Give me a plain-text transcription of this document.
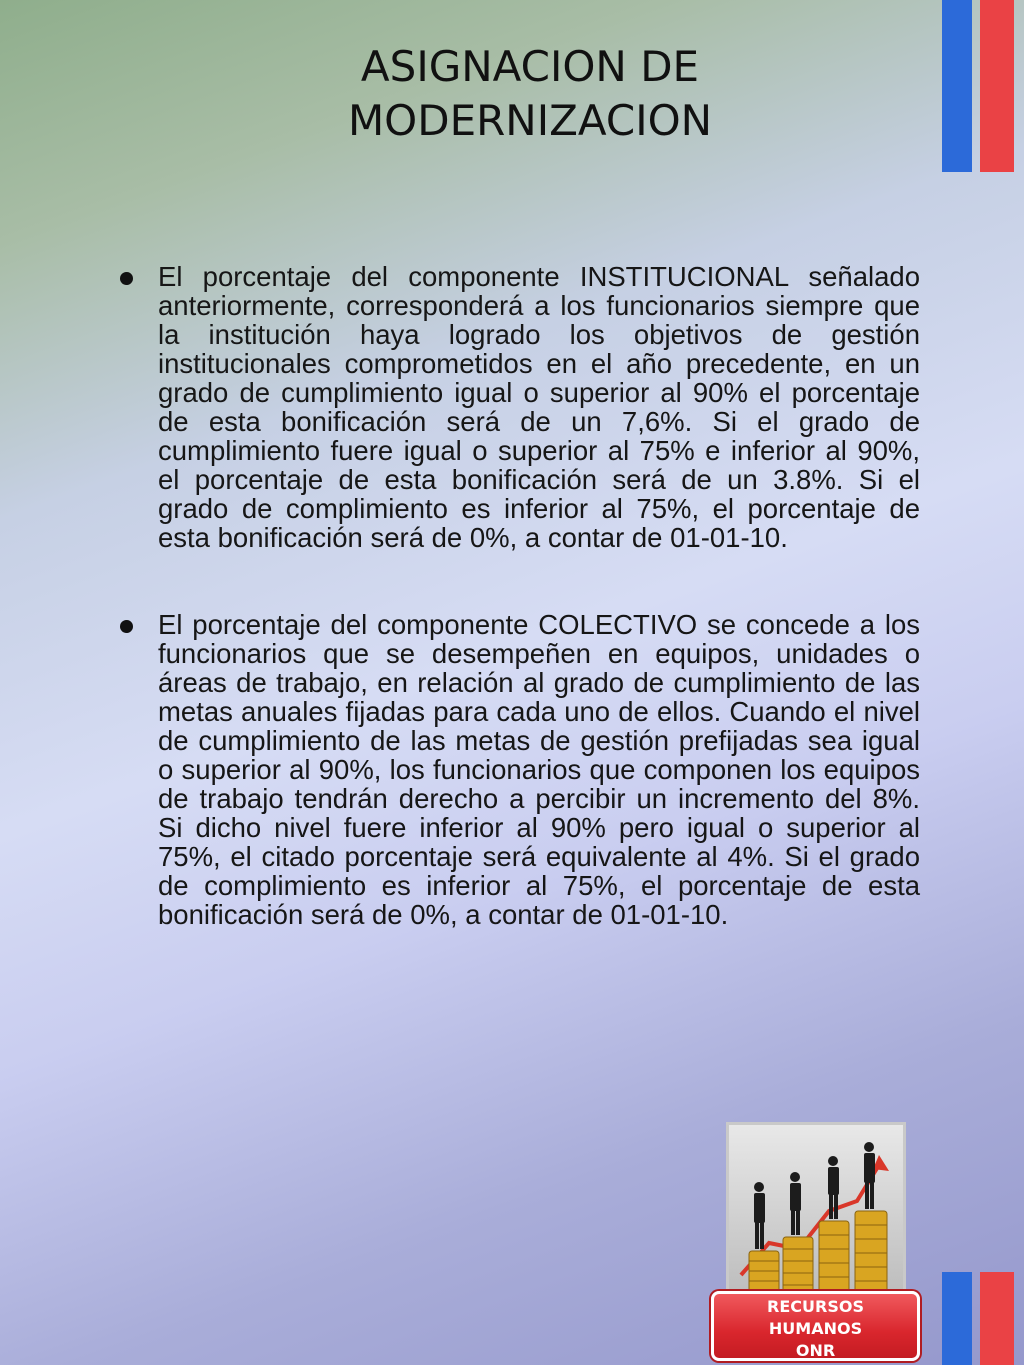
ASIGNACION DE
MODERNIZACION

El porcentaje del componente INSTITUCIONAL señalado anteriormente, corresponderá a los funcionarios siempre que la institución haya logrado los objetivos de gestión institucionales comprometidos en el año precedente, en un grado de cumplimiento igual o superior al 90% el porcentaje de esta bonificación será de un 7,6%. Si el grado de cumplimiento fuere igual o superior al 75% e inferior al 90%, el porcentaje de esta bonificación será de un 3.8%. Si el grado de complimiento es inferior al 75%, el porcentaje de esta bonificación será de 0%, a contar de 01-01-10.

El porcentaje del componente COLECTIVO se concede a los funcionarios que se desempeñen en equipos, unidades o áreas de trabajo, en relación al grado de cumplimiento de las metas anuales fijadas para cada uno de ellos. Cuando el nivel de cumplimiento de las metas de gestión prefijadas sea igual o superior al 90%, los funcionarios que componen los equipos de trabajo tendrán derecho a percibir un incremento del 8%. Si dicho nivel fuere inferior al 90% pero igual o superior al 75%, el citado porcentaje será equivalente al 4%. Si el grado de complimiento es inferior al 75%, el porcentaje de esta bonificación será de 0%, a contar de 01-01-10.

RECURSOS
HUMANOS
ONR
